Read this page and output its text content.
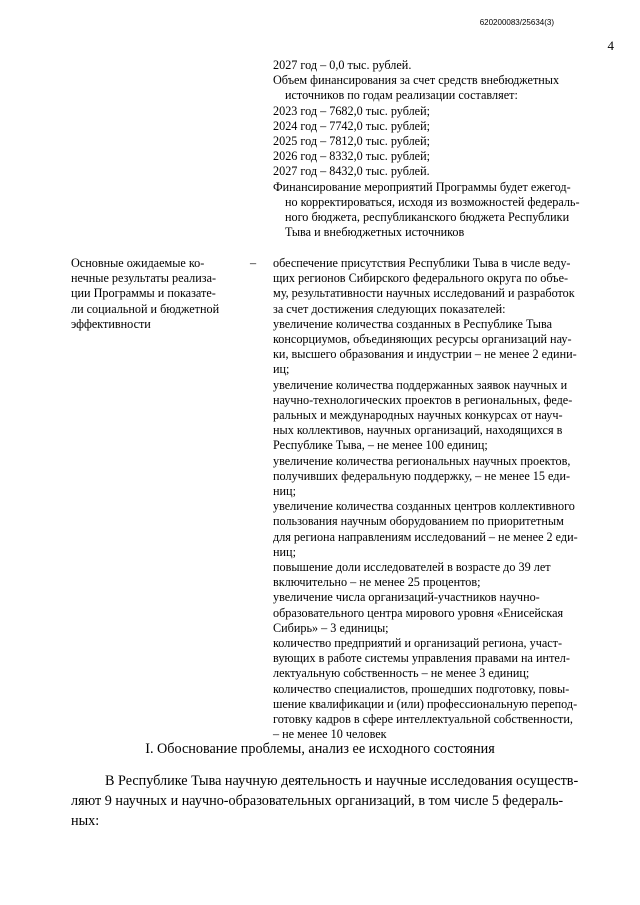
620200083/25634(3)
4
2027 год – 0,0 тыс. рублей.
Объем финансирования за счет средств внебюджетных
источников по годам реализации составляет:
2023 год – 7682,0 тыс. рублей;
2024 год – 7742,0 тыс. рублей;
2025 год – 7812,0 тыс. рублей;
2026 год – 8332,0 тыс. рублей;
2027 год – 8432,0 тыс. рублей.
Финансирование мероприятий Программы будет ежегод-
но корректироваться, исходя из возможностей федераль-
ного бюджета, республиканского бюджета Республики
Тыва и внебюджетных источников
Основные ожидаемые ко-
нечные результаты реализа-
ции Программы и показате-
ли социальной и бюджетной
эффективности
– обеспечение присутствия Республики Тыва в числе веду-
щих регионов Сибирского федерального округа по объе-
му, результативности научных исследований и разработок
за счет достижения следующих показателей:
увеличение количества созданных в Республике Тыва
консорциумов, объединяющих ресурсы организаций нау-
ки, высшего образования и индустрии – не менее 2 едини-
иц;
увеличение количества поддержанных заявок научных и
научно-технологических проектов в региональных, феде-
ральных и международных научных конкурсах от науч-
ных коллективов, научных организаций, находящихся в
Республике Тыва, – не менее 100 единиц;
увеличение количества региональных научных проектов,
получивших федеральную поддержку, – не менее 15 еди-
ниц;
увеличение количества созданных центров коллективного
пользования научным оборудованием по приоритетным
для региона направлениям исследований – не менее 2 еди-
ниц;
повышение доли исследователей в возрасте до 39 лет
включительно – не менее 25 процентов;
увеличение числа организаций-участников научно-
образовательного центра мирового уровня «Енисейская
Сибирь» – 3 единицы;
количество предприятий и организаций региона, участ-
вующих в работе системы управления правами на интел-
лектуальную собственность – не менее 3 единиц;
количество специалистов, прошедших подготовку, повы-
шение квалификации и (или) профессиональную перепод-
готовку кадров в сфере интеллектуальной собственности,
– не менее 10 человек
I. Обоснование проблемы, анализ ее исходного состояния
В Республике Тыва научную деятельность и научные исследования осуществ-
ляют 9 научных и научно-образовательных организаций, в том числе 5 федераль-
ных:
